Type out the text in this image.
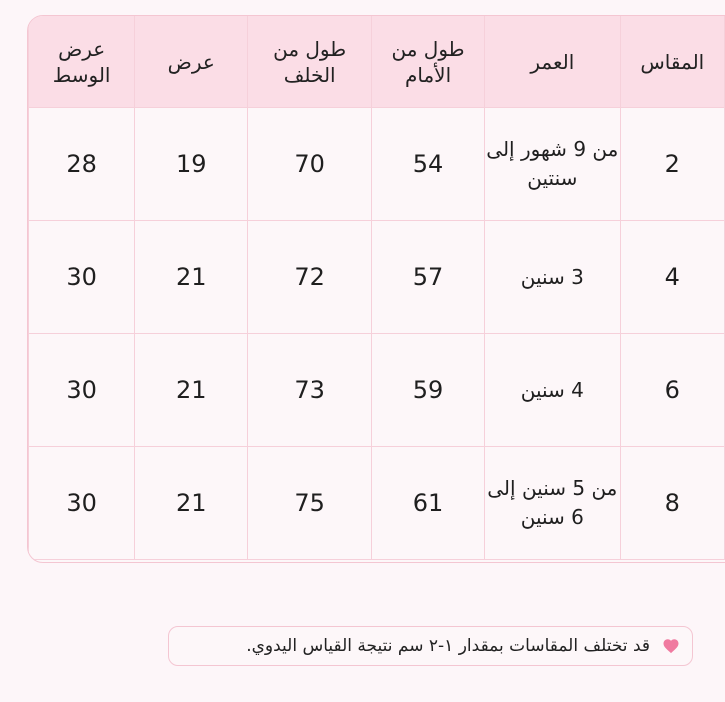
المقاس	العمر	طول من الأمام	طول من الخلف	عرض	عرض الوسط
2	من 9 شهور إلى سنتين	54	70	19	28
4	3 سنين	57	72	21	30
6	4 سنين	59	73	21	30
8	من 5 سنين إلى 6 سنين	61	75	21	30
قد تختلف المقاسات بمقدار ١-٢ سم نتيجة القياس اليدوي.
